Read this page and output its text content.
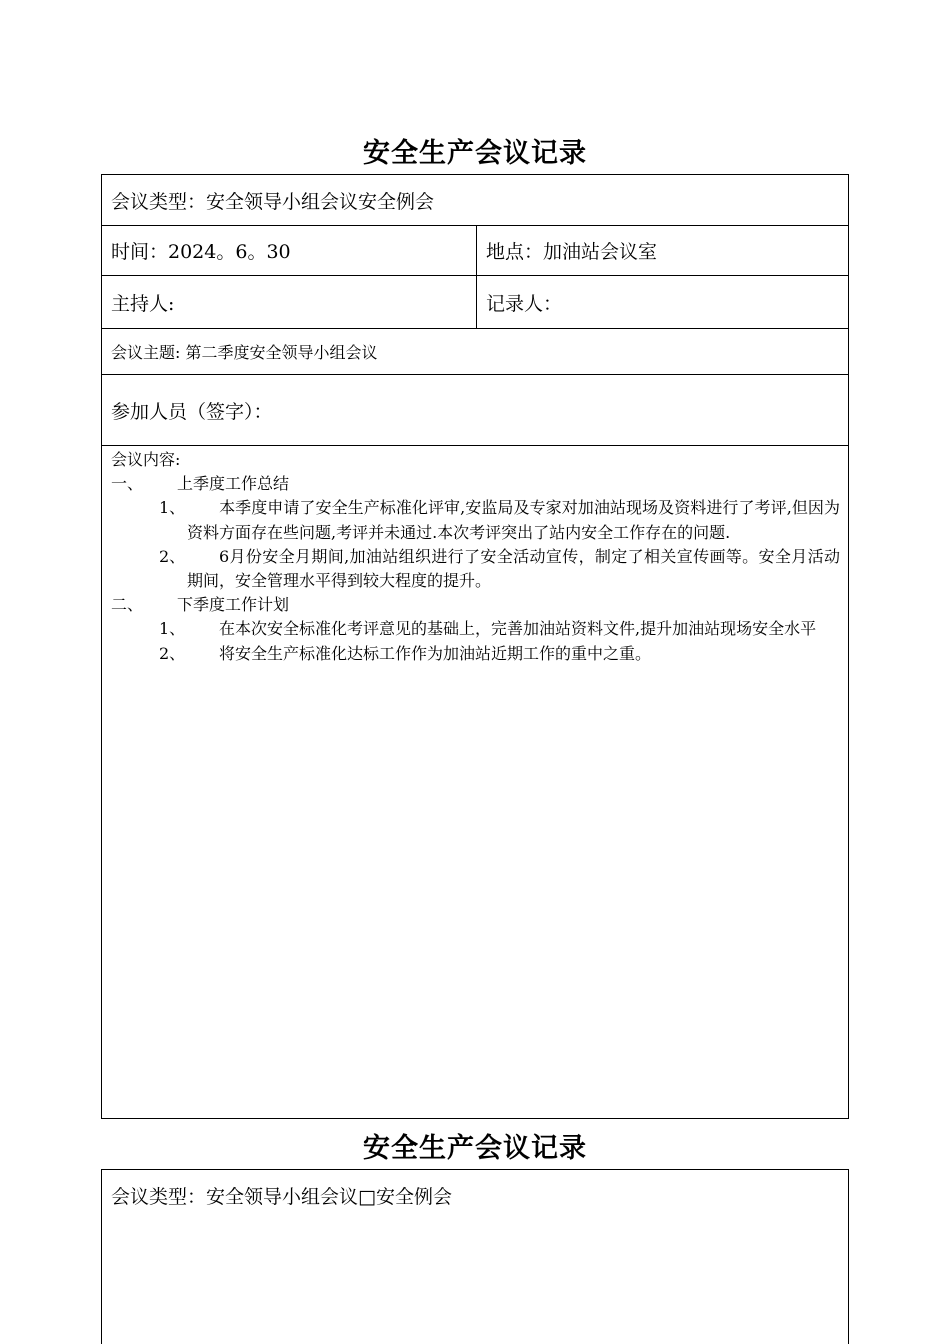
安全生产会议记录
会议类型：安全领导小组会议安全例会
时间：2024。6。30	地点：加油站会议室
主持人:	记录人：
会议主题: 第二季度安全领导小组会议
参加人员（签字）：

会议内容:

一、	上季度工作总结

1、	本季度申请了安全生产标准化评审,安监局及专家对加油站现场及资料进行了考评,但因为资料方面存在些问题,考评并未通过.本次考评突出了站内安全工作存在的问题.

2、	6月份安全月期间,加油站组织进行了安全活动宣传，制定了相关宣传画等。安全月活动期间，安全管理水平得到较大程度的提升。

二、	下季度工作计划

1、	在本次安全标准化考评意见的基础上，完善加油站资料文件,提升加油站现场安全水平

2、	将安全生产标准化达标工作作为加油站近期工作的重中之重。

安全生产会议记录
会议类型：安全领导小组会议□安全例会
